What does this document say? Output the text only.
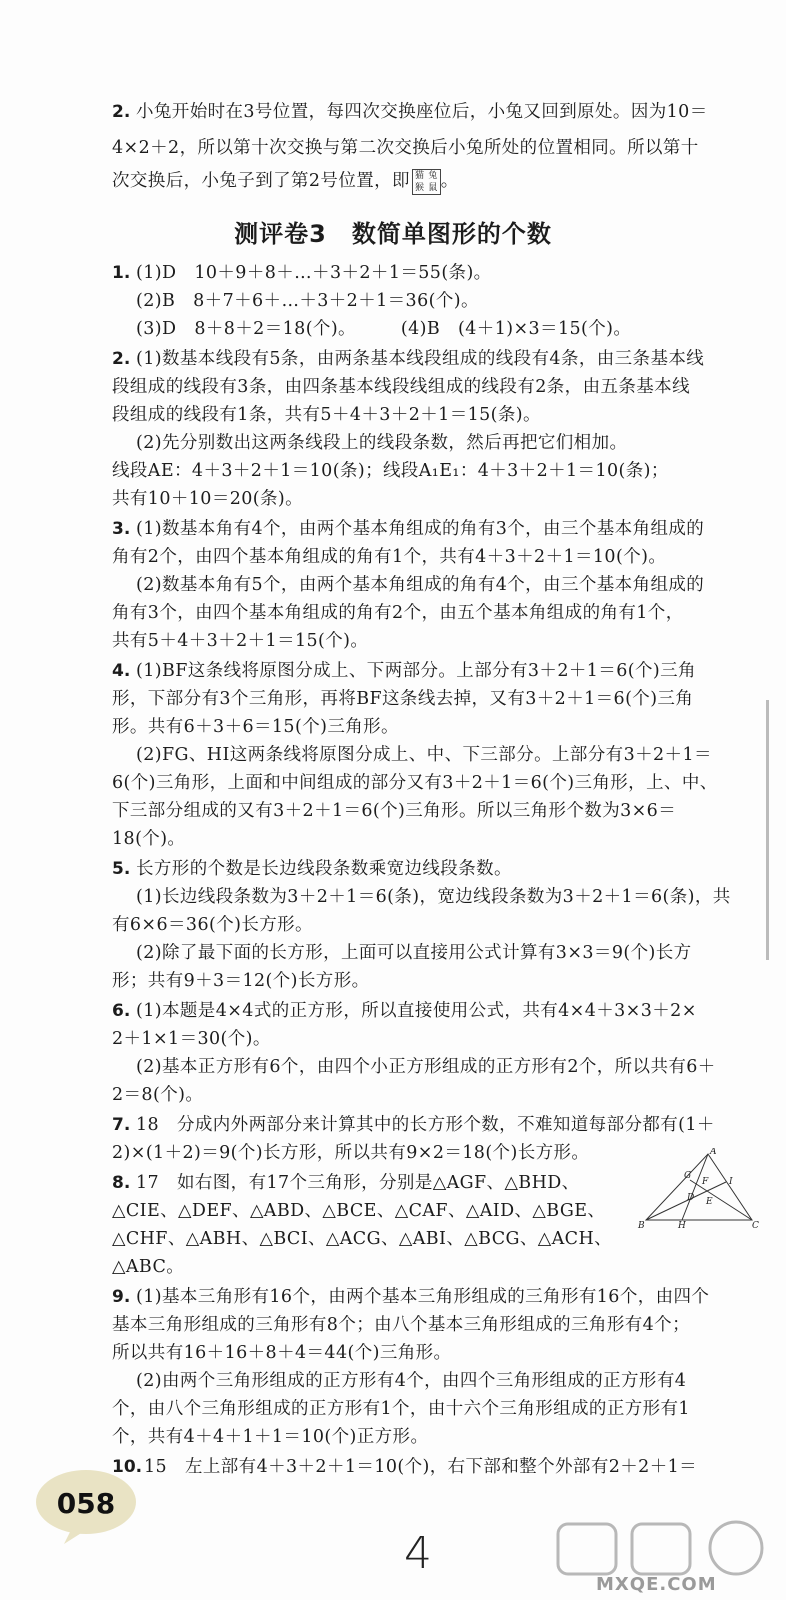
2. 小兔开始时在3号位置，每四次交换座位后，小兔又回到原处。因为10＝
4×2＋2，所以第十次交换与第二次交换后小兔所处的位置相同。所以第十
次交换后，小兔子到了第2号位置，即 猫 兔
猴 鼠 。
测评卷3　数简单图形的个数
1. (1)D　10＋9＋8＋…＋3＋2＋1＝55(条)。
(2)B　8＋7＋6＋…＋3＋2＋1＝36(个)。
(3)D　8＋8＋2＝18(个)。　　　(4)B　(4＋1)×3＝15(个)。
2. (1)数基本线段有5条，由两条基本线段组成的线段有4条，由三条基本线
段组成的线段有3条，由四条基本线段线组成的线段有2条，由五条基本线
段组成的线段有1条，共有5＋4＋3＋2＋1＝15(条)。
(2)先分别数出这两条线段上的线段条数，然后再把它们相加。
线段AE：4＋3＋2＋1＝10(条)；线段A₁E₁：4＋3＋2＋1＝10(条)；
共有10＋10＝20(条)。
3. (1)数基本角有4个，由两个基本角组成的角有3个，由三个基本角组成的
角有2个，由四个基本角组成的角有1个，共有4＋3＋2＋1＝10(个)。
(2)数基本角有5个，由两个基本角组成的角有4个，由三个基本角组成的
角有3个，由四个基本角组成的角有2个，由五个基本角组成的角有1个，
共有5＋4＋3＋2＋1＝15(个)。
4. (1)BF这条线将原图分成上、下两部分。上部分有3＋2＋1＝6(个)三角
形，下部分有3个三角形，再将BF这条线去掉，又有3＋2＋1＝6(个)三角
形。共有6＋3＋6＝15(个)三角形。
(2)FG、HI这两条线将原图分成上、中、下三部分。上部分有3＋2＋1＝
6(个)三角形，上面和中间组成的部分又有3＋2＋1＝6(个)三角形，上、中、
下三部分组成的又有3＋2＋1＝6(个)三角形。所以三角形个数为3×6＝
18(个)。
5. 长方形的个数是长边线段条数乘宽边线段条数。
(1)长边线段条数为3＋2＋1＝6(条)，宽边线段条数为3＋2＋1＝6(条)，共
有6×6＝36(个)长方形。
(2)除了最下面的长方形，上面可以直接用公式计算有3×3＝9(个)长方
形；共有9＋3＝12(个)长方形。
6. (1)本题是4×4式的正方形，所以直接使用公式，共有4×4＋3×3＋2×
2＋1×1＝30(个)。
(2)基本正方形有6个，由四个小正方形组成的正方形有2个，所以共有6＋
2＝8(个)。
7. 18　分成内外两部分来计算其中的长方形个数，不难知道每部分都有(1＋
2)×(1＋2)＝9(个)长方形，所以共有9×2＝18(个)长方形。
8. 17　如右图，有17个三角形，分别是△AGF、△BHD、
△CIE、△DEF、△ABD、△BCE、△CAF、△AID、△BGE、
△CHF、△ABH、△BCI、△ACG、△ABI、△BCG、△ACH、
△ABC。
A
G
F I
D E
B	H	C
9. (1)基本三角形有16个，由两个基本三角形组成的三角形有16个，由四个
基本三角形组成的三角形有8个；由八个基本三角形组成的三角形有4个；
所以共有16＋16＋8＋4＝44(个)三角形。
(2)由两个三角形组成的正方形有4个，由四个三角形组成的正方形有4
个，由八个三角形组成的正方形有1个，由十六个三角形组成的正方形有1
个，共有4＋4＋1＋1＝10(个)正方形。
10. 15　左上部有4＋3＋2＋1＝10(个)，右下部和整个外部有2＋2＋1＝
058
4
MXQE.COM
